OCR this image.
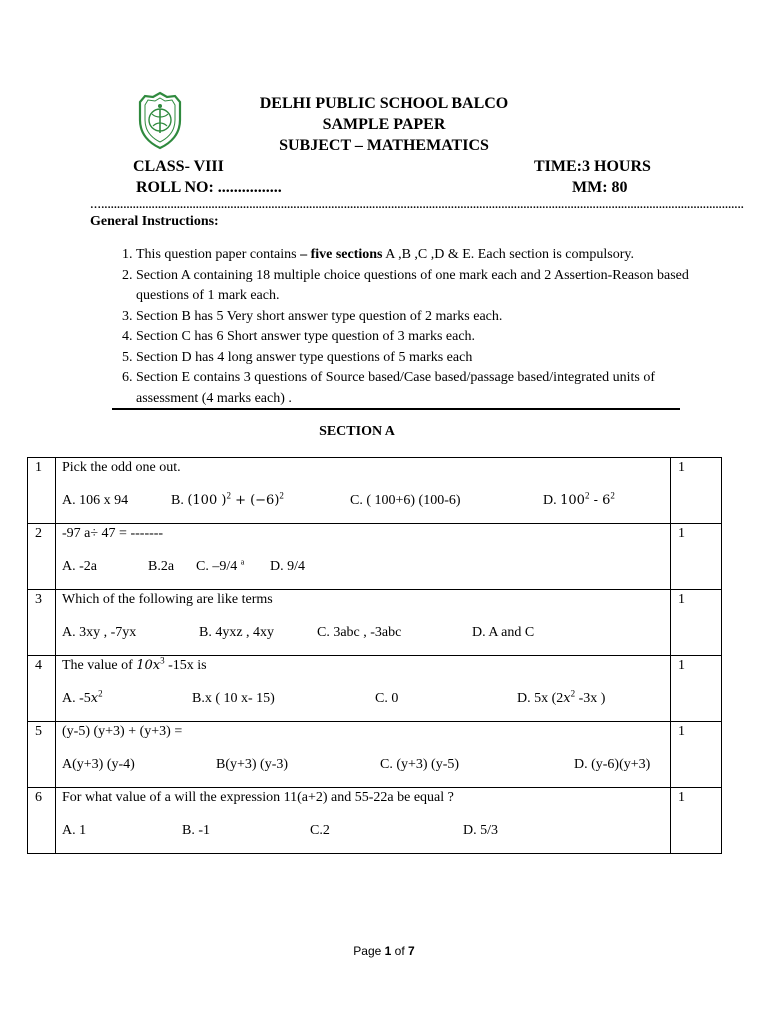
DELHI PUBLIC SCHOOL BALCO
SAMPLE PAPER
SUBJECT – MATHEMATICS
CLASS- VIII	TIME:3 HOURS
ROLL NO: ................	MM: 80
…............................................................................................................................................................................................................
General Instructions:
1. This question paper contains – five sections A ,B ,C ,D & E. Each section is compulsory.
2. Section A containing 18 multiple choice questions of one mark each and 2 Assertion-Reason based questions of 1 mark each.
3. Section B has 5 Very short answer type question of 2 marks each.
4. Section C has 6 Short answer type question of 3 marks each.
5. Section D has 4 long answer type questions of 5 marks each
6. Section E contains 3 questions of Source based/Case based/passage based/integrated units of assessment (4 marks each) .
SECTION A
1	Pick the odd one out.
A. 106 x 94 B. (100 )$^2 + (-6)^2$ C. ( 100+6) (100-6) D. $100^2 - 6^2$	1
2	-97 a÷ 47 = -------
A. -2a B.2a C. –9/4 $^a$ D. 9/4	1
3	Which of the following are like terms
A. 3xy , -7yx B. 4yxz , 4xy C. 3abc , -3abc D. A and C	1
4	The value of $10x^3$ -15x is
A. $-5x^2$ B.x ( 10 x- 15) C. 0 D. 5x ($2x^2$ -3x )	1
5	(y-5) (y+3) + (y+3) =
A(y+3) (y-4) B(y+3) (y-3) C. (y+3) (y-5) D. (y-6)(y+3)	1
6	For what value of a will the expression 11(a+2) and 55-22a be equal ?
A. 1 B. -1 C.2 D. 5/3	1
Page 1 of 7
